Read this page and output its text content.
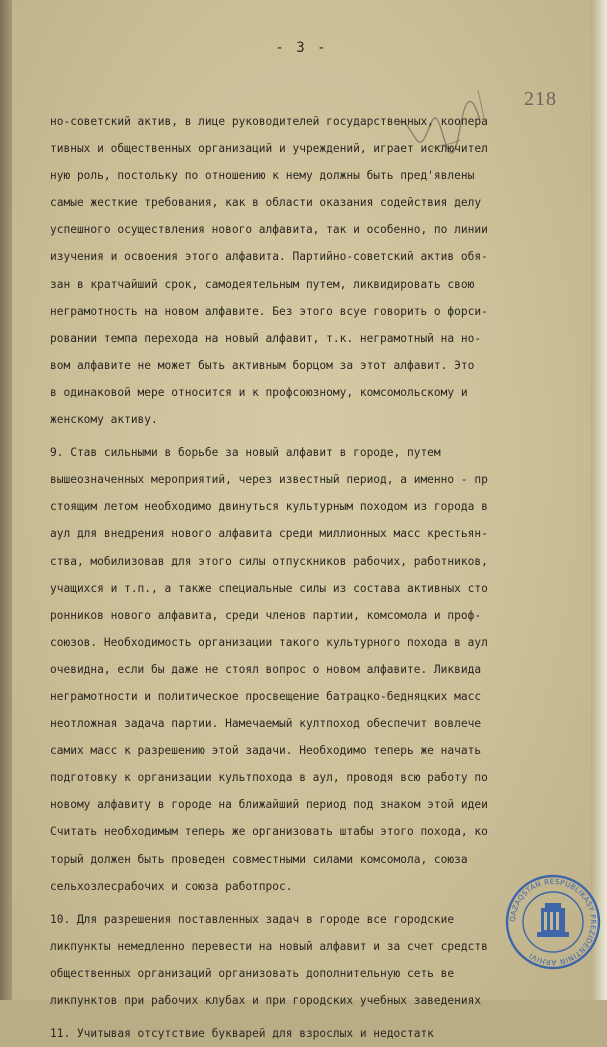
- 3 -
218
но-советский актив, в лице руководителей государственных, коопера
тивных и общественных организаций и учреждений, играет исключител
ную роль, постольку по отношению к нему должны быть пред'явлены
самые жесткие требования, как в области оказания содействия делу
успешного осуществления нового алфавита, так и особенно, по линии
изучения и освоения этого алфавита. Партийно-советский актив обя-
зан в кратчайший срок, самодеятельным путем, ликвидировать свою
неграмотность на новом алфавите. Без этого всуе говорить о форси-
ровании темпа перехода на новый алфавит, т.к. неграмотный на но-
вом алфавите не может быть активным борцом за этот алфавит. Это
в одинаковой мере относится и к профсоюзному, комсомольскому и
женскому активу.
9. Став сильными в борьбе за новый алфавит в городе, путем
вышеозначенных мероприятий, через известный период, а именно - пр
стоящим летом необходимо двинуться культурным походом из города в
аул для внедрения нового алфавита среди миллионных масс крестьян-
ства, мобилизовав для этого силы отпускников рабочих, работников,
учащихся и т.п., а также специальные силы из состава активных сто
ронников нового алфавита, среди членов партии, комсомола и проф-
союзов. Необходимость организации такого культурного похода в аул
очевидна, если бы даже не стоял вопрос о новом алфавите. Ликвида
неграмотности и политическое просвещение батрацко-бедняцких масс
неотложная задача партии. Намечаемый култпоход обеспечит вовлече
самих масс к разрешению этой задачи. Необходимо теперь же начать
подготовку к организации культпохода в аул, проводя всю работу по
новому алфавиту в городе на ближайший период под знаком этой идеи
Считать необходимым теперь же организовать штабы этого похода, ко
торый должен быть проведен совместными силами комсомола, союза
сельхозлесрабочих и союза работпрос.
10. Для разрешения поставленных задач в городе все городские
ликпункты немедленно перевести на новый алфавит и за счет средств
общественных организаций организовать дополнительную сеть ве
ликпунктов при рабочих клубах и при городских учебных заведениях
11. Учитывая отсутствие букварей для взрослых и недостатк
QAZAQSTAN RESPUBLIKASY PREZIDENTINIŃ ARHIVI
